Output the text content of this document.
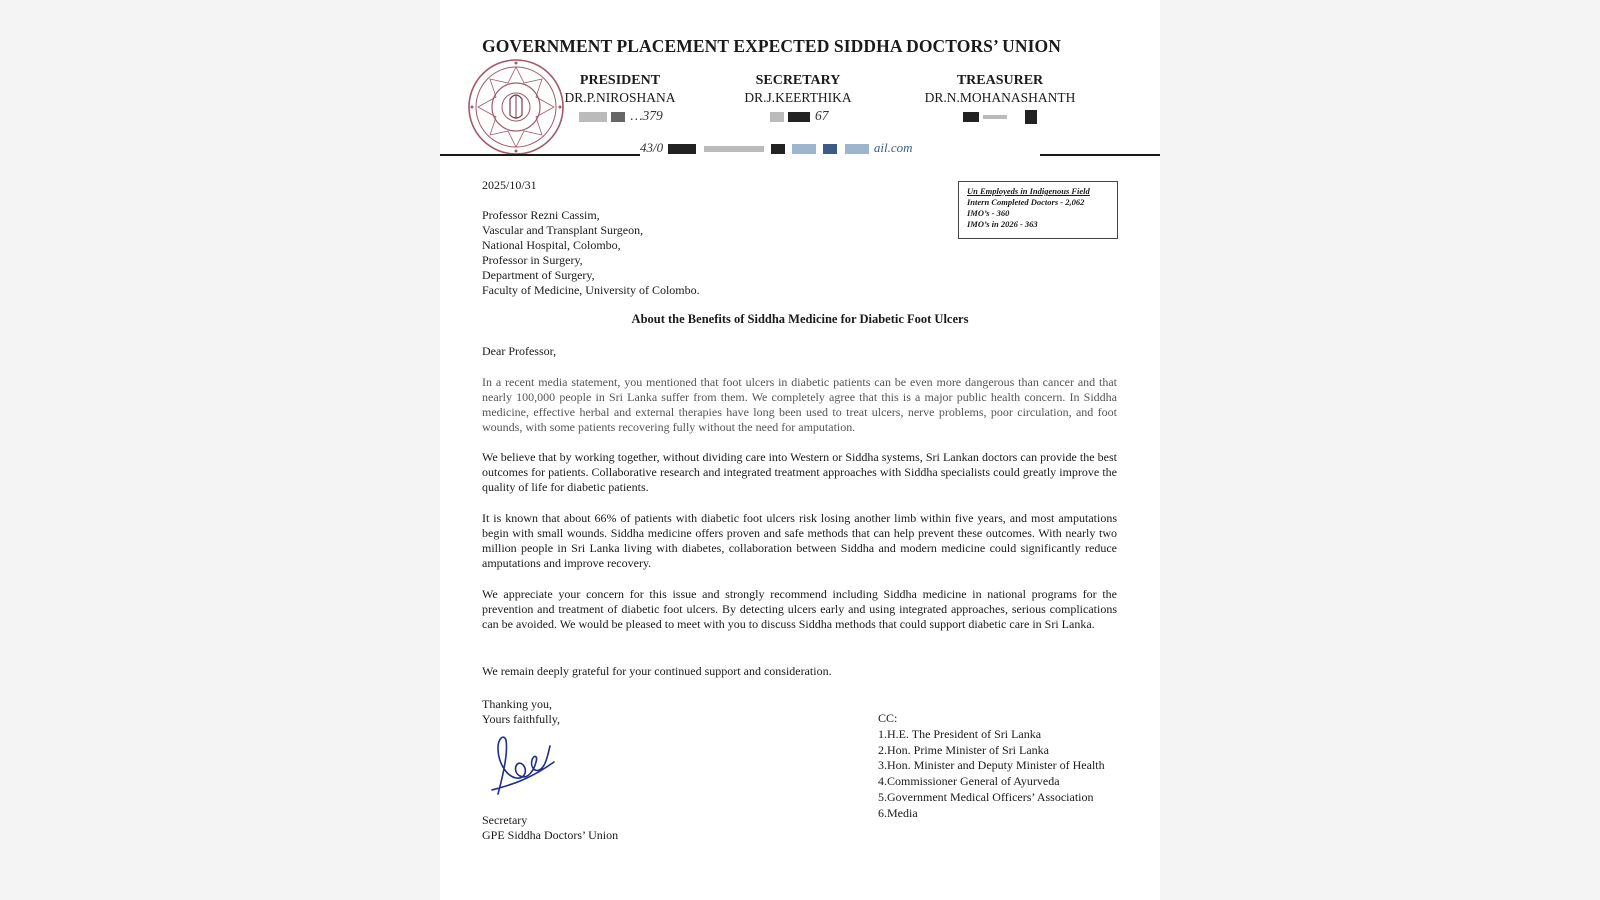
GOVERNMENT PLACEMENT EXPECTED SIDDHA DOCTORS’ UNION
PRESIDENT
DR.P.NIROSHANA
…379
SECRETARY
DR.J.KEERTHIKA
67
TREASURER
DR.N.MOHANASHANTH
43/0	ail.com
Un Employeds in Indigenous Field
Intern Completed Doctors - 2,062
IMO’s - 360
IMO’s in 2026 - 363
2025/10/31
Professor Rezni Cassim,
Vascular and Transplant Surgeon,
National Hospital, Colombo,
Professor in Surgery,
Department of Surgery,
Faculty of Medicine, University of Colombo.
About the Benefits of Siddha Medicine for Diabetic Foot Ulcers
Dear Professor,
In a recent media statement, you mentioned that foot ulcers in diabetic patients can be even more dangerous than cancer and that nearly 100,000 people in Sri Lanka suffer from them. We completely agree that this is a major public health concern. In Siddha medicine, effective herbal and external therapies have long been used to treat ulcers, nerve problems, poor circulation, and foot wounds, with some patients recovering fully without the need for amputation.
We believe that by working together, without dividing care into Western or Siddha systems, Sri Lankan doctors can provide the best outcomes for patients. Collaborative research and integrated treatment approaches with Siddha specialists could greatly improve the quality of life for diabetic patients.
It is known that about 66% of patients with diabetic foot ulcers risk losing another limb within five years, and most amputations begin with small wounds. Siddha medicine offers proven and safe methods that can help prevent these outcomes. With nearly two million people in Sri Lanka living with diabetes, collaboration between Siddha and modern medicine could significantly reduce amputations and improve recovery.
We appreciate your concern for this issue and strongly recommend including Siddha medicine in national programs for the prevention and treatment of diabetic foot ulcers. By detecting ulcers early and using integrated approaches, serious complications can be avoided. We would be pleased to meet with you to discuss Siddha methods that could support diabetic care in Sri Lanka.
We remain deeply grateful for your continued support and consideration.
Thanking you,
Yours faithfully,
Secretary
GPE Siddha Doctors’ Union
CC:
1.H.E. The President of Sri Lanka
2.Hon. Prime Minister of Sri Lanka
3.Hon. Minister and Deputy Minister of Health
4.Commissioner General of Ayurveda
5.Government Medical Officers’ Association
6.Media
